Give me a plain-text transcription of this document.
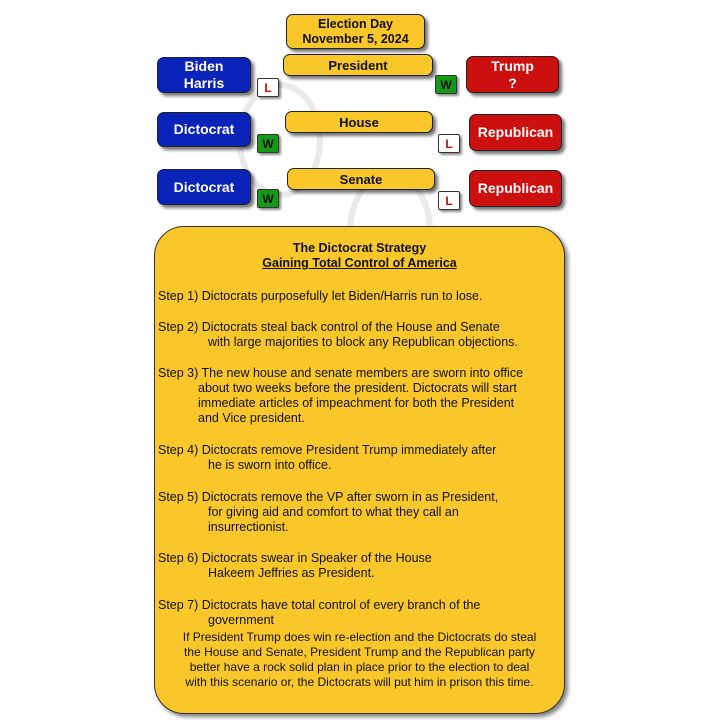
Election Day
November 5, 2024
President
Biden
Harris	L	W
Trump
?
House
Dictocrat
W	L
Republican
Senate
Dictocrat
W	L
Republican
The Dictocrat Strategy
Gaining Total Control of America
Step 1) Dictocrats purposefully let Biden/Harris run to lose.
Step 2) Dictocrats steal back control of the House and Senate
with large majorities to block any Republican objections.
Step 3) The new house and senate members are sworn into office
about two weeks before the president. Dictocrats will start
immediate articles of impeachment for both the President
and Vice president.
Step 4) Dictocrats remove President Trump immediately after
he is sworn into office.
Step 5) Dictocrats remove the VP after sworn in as President,
for giving aid and comfort to what they call an
insurrectionist.
Step 6) Dictocrats swear in Speaker of the House
Hakeem Jeffries as President.
Step 7) Dictocrats have total control of every branch of the
government
If President Trump does win re-election and the Dictocrats do steal
the House and Senate, President Trump and the Republican party
better have a rock solid plan in place prior to the election to deal
with this scenario or, the Dictocrats will put him in prison this time.
